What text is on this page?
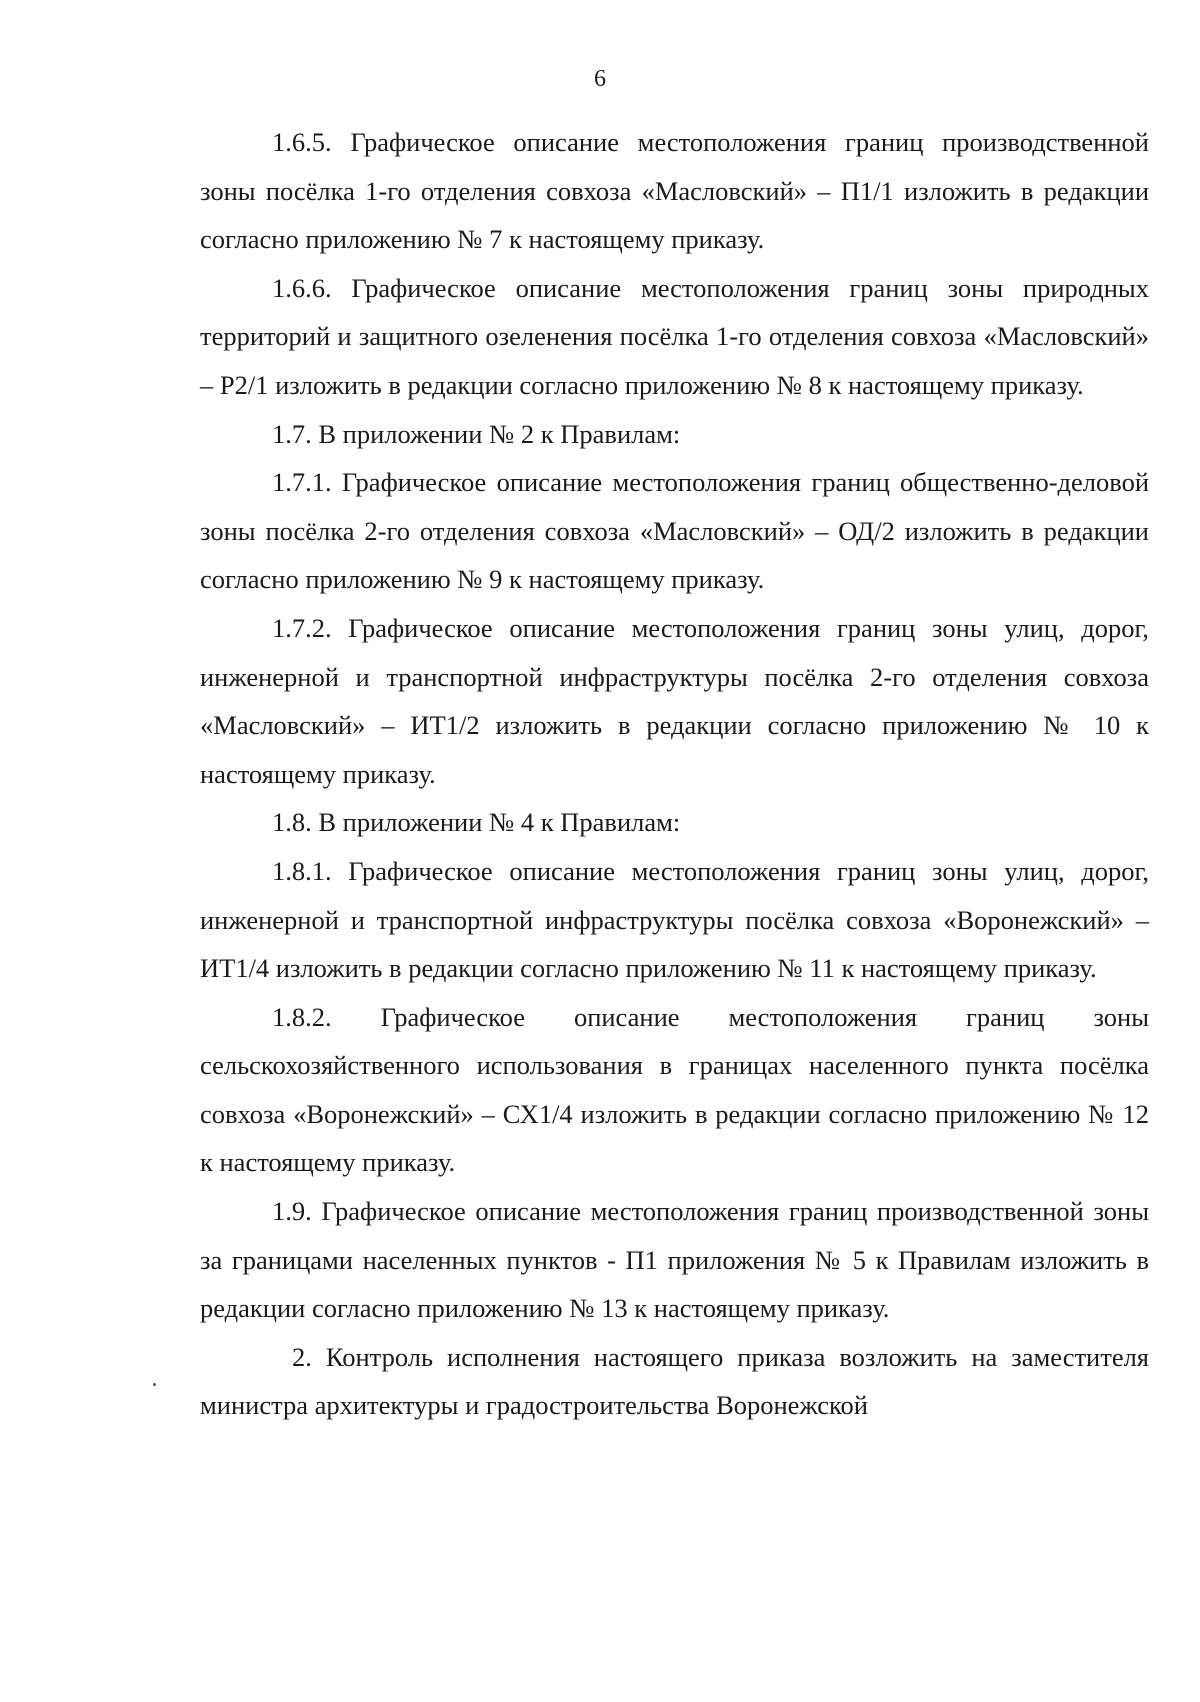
6

1.6.5. Графическое описание местоположения границ производственной зоны посёлка 1-го отделения совхоза «Масловский» – П1/1 изложить в редакции согласно приложению № 7 к настоящему приказу.

1.6.6. Графическое описание местоположения границ зоны природных территорий и защитного озеленения посёлка 1-го отделения совхоза «Масловский» – Р2/1 изложить в редакции согласно приложению № 8 к настоящему приказу.

1.7. В приложении № 2 к Правилам:

1.7.1. Графическое описание местоположения границ общественно-деловой зоны посёлка 2-го отделения совхоза «Масловский» – ОД/2 изложить в редакции согласно приложению № 9 к настоящему приказу.

1.7.2. Графическое описание местоположения границ зоны улиц, дорог, инженерной и транспортной инфраструктуры посёлка 2-го отделения совхоза «Масловский» – ИТ1/2 изложить в редакции согласно приложению № 10 к настоящему приказу.

1.8. В приложении № 4 к Правилам:

1.8.1. Графическое описание местоположения границ зоны улиц, дорог, инженерной и транспортной инфраструктуры посёлка совхоза «Воронежский» – ИТ1/4 изложить в редакции согласно приложению № 11 к настоящему приказу.

1.8.2. Графическое описание местоположения границ зоны сельскохозяйственного использования в границах населенного пункта посёлка совхоза «Воронежский» – СХ1/4 изложить в редакции согласно приложению № 12 к настоящему приказу.

1.9. Графическое описание местоположения границ производственной зоны за границами населенных пунктов - П1 приложения № 5 к Правилам изложить в редакции согласно приложению № 13 к настоящему приказу.

2. Контроль исполнения настоящего приказа возложить на заместителя министра архитектуры и градостроительства Воронежской
